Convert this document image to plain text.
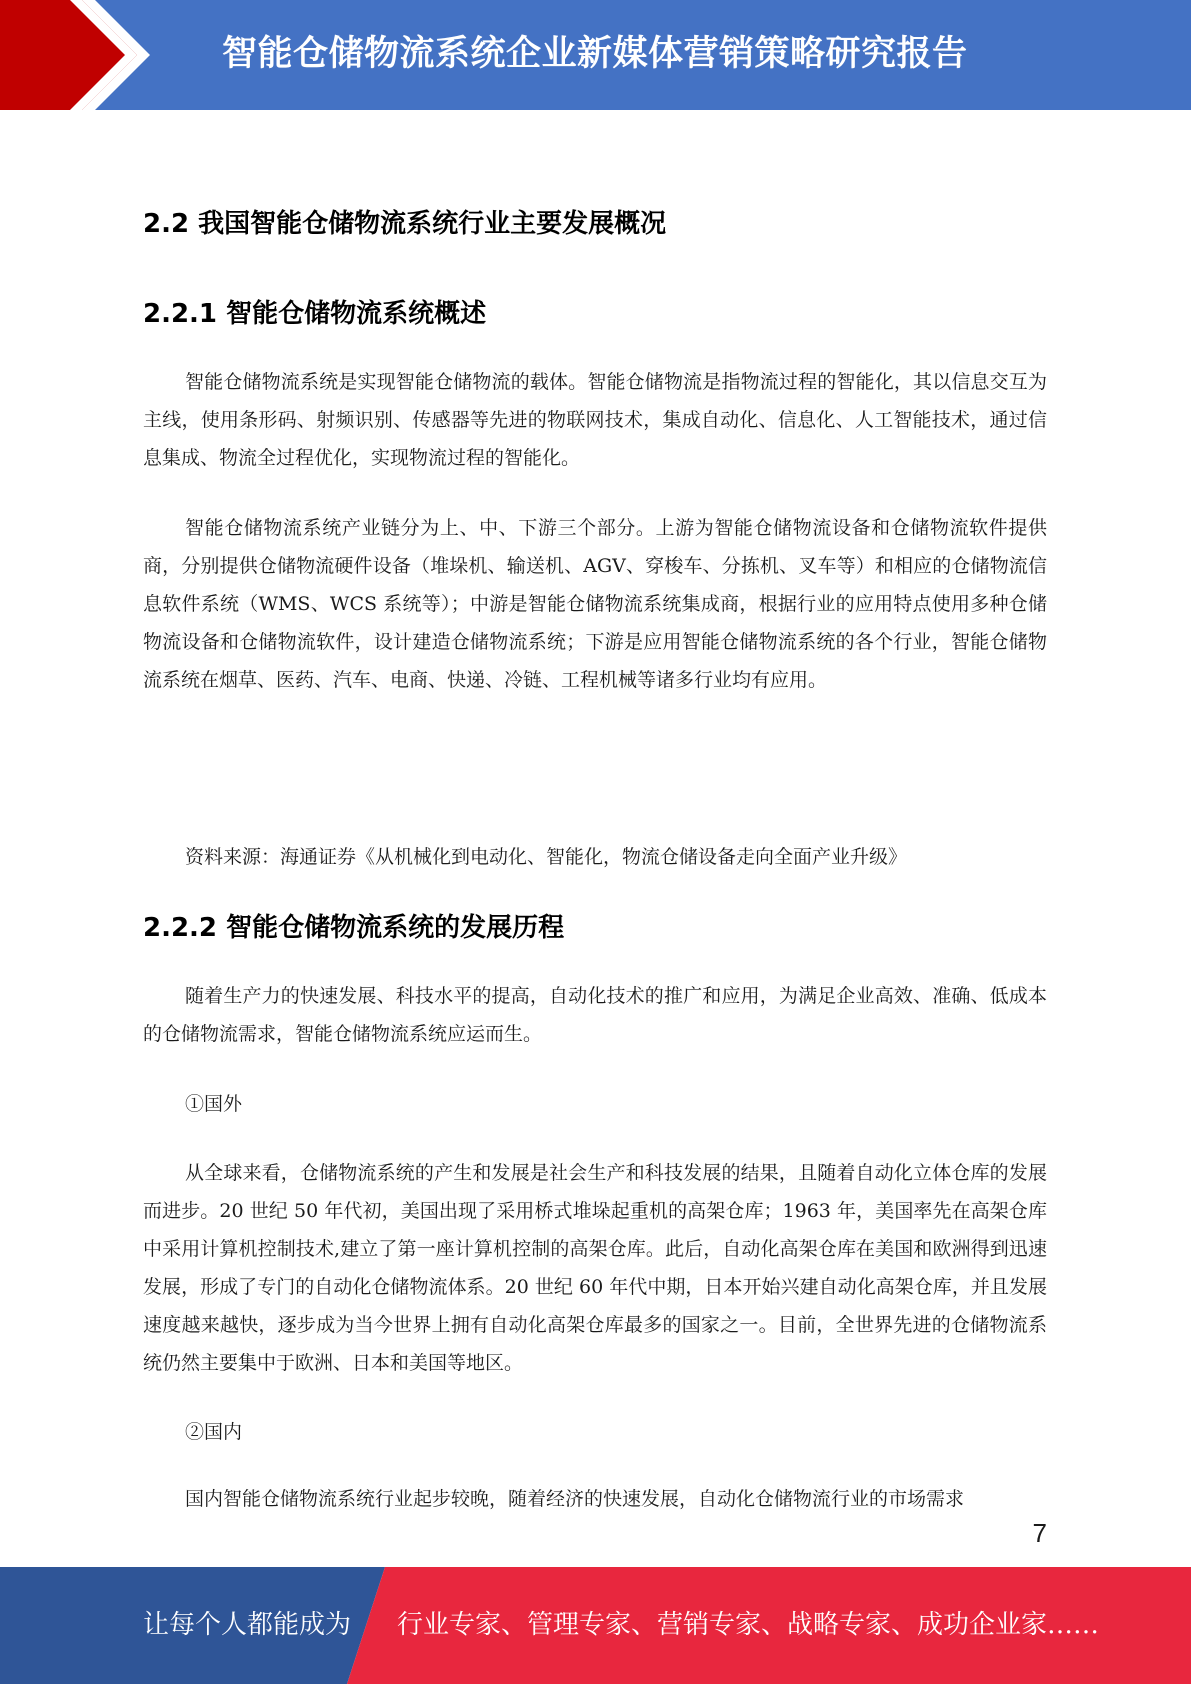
智能仓储物流系统企业新媒体营销策略研究报告
2.2 我国智能仓储物流系统行业主要发展概况
2.2.1 智能仓储物流系统概述

智能仓储物流系统是实现智能仓储物流的载体。智能仓储物流是指物流过程的智能化，其以信息交互为主线，使用条形码、射频识别、传感器等先进的物联网技术，集成自动化、信息化、人工智能技术，通过信息集成、物流全过程优化，实现物流过程的智能化。

智能仓储物流系统产业链分为上、中、下游三个部分。上游为智能仓储物流设备和仓储物流软件提供商，分别提供仓储物流硬件设备（堆垛机、输送机、AGV、穿梭车、分拣机、叉车等）和相应的仓储物流信息软件系统（WMS、WCS 系统等）；中游是智能仓储物流系统集成商，根据行业的应用特点使用多种仓储物流设备和仓储物流软件，设计建造仓储物流系统；下游是应用智能仓储物流系统的各个行业，智能仓储物流系统在烟草、医药、汽车、电商、快递、冷链、工程机械等诸多行业均有应用。

资料来源：海通证券《从机械化到电动化、智能化，物流仓储设备走向全面产业升级》

2.2.2 智能仓储物流系统的发展历程

随着生产力的快速发展、科技水平的提高，自动化技术的推广和应用，为满足企业高效、准确、低成本的仓储物流需求，智能仓储物流系统应运而生。

①国外

从全球来看，仓储物流系统的产生和发展是社会生产和科技发展的结果，且随着自动化立体仓库的发展而进步。20 世纪 50 年代初，美国出现了采用桥式堆垛起重机的高架仓库；1963 年，美国率先在高架仓库中采用计算机控制技术,建立了第一座计算机控制的高架仓库。此后，自动化高架仓库在美国和欧洲得到迅速发展，形成了专门的自动化仓储物流体系。20 世纪 60 年代中期，日本开始兴建自动化高架仓库，并且发展速度越来越快，逐步成为当今世界上拥有自动化高架仓库最多的国家之一。目前，全世界先进的仓储物流系统仍然主要集中于欧洲、日本和美国等地区。

②国内

国内智能仓储物流系统行业起步较晚，随着经济的快速发展，自动化仓储物流行业的市场需求

7
让每个人都能成为 行业专家、管理专家、营销专家、战略专家、成功企业家……
